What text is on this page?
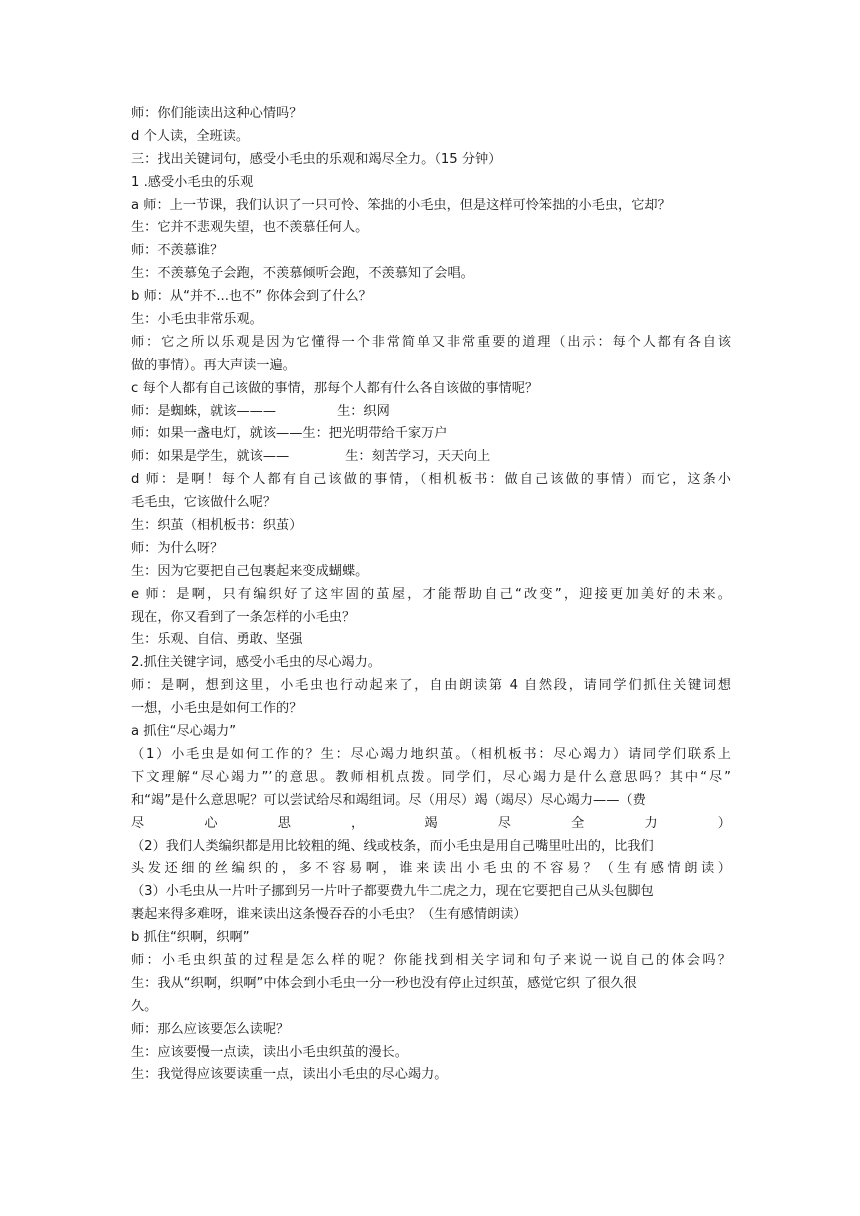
师：你们能读出这种心情吗？
d 个人读，全班读。
三：找出关键词句，感受小毛虫的乐观和竭尽全力。（15 分钟）
1 .感受小毛虫的乐观
a 师：上一节课，我们认识了一只可怜、笨拙的小毛虫，但是这样可怜笨拙的小毛虫，它却？
生：它并不悲观失望，也不羡慕任何人。
师：不羡慕谁？
生：不羡慕兔子会跑，不羡慕倾听会跑，不羡慕知了会唱。
b 师：从“并不...也不” 你体会到了什么？
生：小毛虫非常乐观。
师：它之所以乐观是因为它懂得一个非常简单又非常重要的道理（出示：每个人都有各自该
做的事情）。再大声读一遍。
c 每个人都有自己该做的事情，那每个人都有什么各自该做的事情呢？
师：是蜘蛛，就该———	生：织网
师：如果一盏电灯，就该——生：把光明带给千家万户
师：如果是学生，就该——	生：刻苦学习，天天向上
d 师：是啊！每个人都有自己该做的事情，（相机板书：做自己该做的事情）而它，这条小
毛毛虫，它该做什么呢？
生：织茧（相机板书：织茧）
师：为什么呀？
生：因为它要把自己包裹起来变成蝴蝶。
e 师：是啊，只有编织好了这牢固的茧屋，才能帮助自己“改变”，迎接更加美好的未来。
现在，你又看到了一条怎样的小毛虫？
生：乐观、自信、勇敢、坚强
2.抓住关键字词，感受小毛虫的尽心竭力。
师：是啊，想到这里，小毛虫也行动起来了，自由朗读第 4 自然段，请同学们抓住关键词想
一想，小毛虫是如何工作的？
a 抓住“尽心竭力”
（1）小毛虫是如何工作的？生：尽心竭力地织茧。（相机板书：尽心竭力）请同学们联系上
下文理解“尽心竭力”’的意思。教师相机点拨。同学们，尽心竭力是什么意思吗？其中“尽”
和“竭”是什么意思呢？可以尝试给尽和竭组词。尽（用尽）竭（竭尽）尽心竭力——（费
尽心思，竭尽全力）
（2）我们人类编织都是用比较粗的绳、线或枝条，而小毛虫是用自己嘴里吐出的，比我们
头发还细的丝编织的，多不容易啊，谁来读出小毛虫的不容易？（生有感情朗读）
（3）小毛虫从一片叶子挪到另一片叶子都要费九牛二虎之力，现在它要把自己从头包脚包
裹起来得多难呀，谁来读出这条慢吞吞的小毛虫？（生有感情朗读）
b 抓住“织啊，织啊”
师：小毛虫织茧的过程是怎么样的呢？你能找到相关字词和句子来说一说自己的体会吗？
生：我从“织啊，织啊”中体会到小毛虫一分一秒也没有停止过织茧，感觉它织 了很久很
久。
师：那么应该要怎么读呢？
生：应该要慢一点读，读出小毛虫织茧的漫长。
生：我觉得应该要读重一点，读出小毛虫的尽心竭力。
